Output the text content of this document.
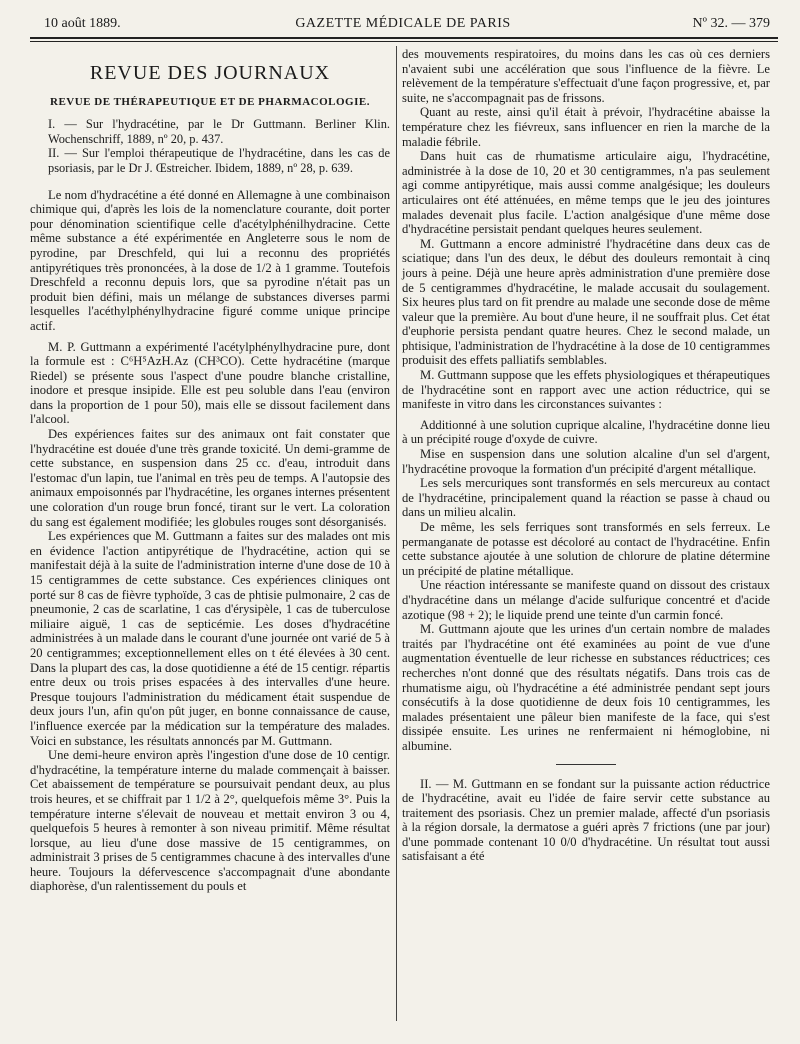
10 août 1889.	GAZETTE MÉDICALE DE PARIS	Nº 32. — 379
REVUE DES JOURNAUX
REVUE DE THÉRAPEUTIQUE ET DE PHARMACOLOGIE.

I. — Sur l'hydracétine, par le Dr Guttmann. Berliner Klin. Wochenschriff, 1889, nº 20, p. 437.

II. — Sur l'emploi thérapeutique de l'hydracétine, dans les cas de psoriasis, par le Dr J. Œstreicher. Ibidem, 1889, nº 28, p. 639.

Le nom d'hydracétine a été donné en Allemagne à une combinaison chimique qui, d'après les lois de la nomenclature courante, doit porter pour dénomination scientifique celle d'acétylphénilhydracine. Cette même substance a été expérimentée en Angleterre sous le nom de pyrodine, par Dreschfeld, qui lui a reconnu des propriétés antipyrétiques très prononcées, à la dose de 1/2 à 1 gramme. Toutefois Dreschfeld a reconnu depuis lors, que sa pyrodine n'était pas un produit bien défini, mais un mélange de substances diverses parmi lesquelles l'acéthylphénylhydracine figuré comme unique principe actif.

M. P. Guttmann a expérimenté l'acétylphénylhydracine pure, dont la formule est : C⁶H⁵AzH.Az (CH³CO). Cette hydracétine (marque Riedel) se présente sous l'aspect d'une poudre blanche cristalline, inodore et presque insipide. Elle est peu soluble dans l'eau (environ dans la proportion de 1 pour 50), mais elle se dissout facilement dans l'alcool.

Des expériences faites sur des animaux ont fait constater que l'hydracétine est douée d'une très grande toxicité. Un demi-gramme de cette substance, en suspension dans 25 cc. d'eau, introduit dans l'estomac d'un lapin, tue l'animal en très peu de temps. A l'autopsie des animaux empoisonnés par l'hydracétine, les organes internes présentent une coloration d'un rouge brun foncé, tirant sur le vert. La coloration du sang est également modifiée; les globules rouges sont désorganisés.

Les expériences que M. Guttmann a faites sur des malades ont mis en évidence l'action antipyrétique de l'hydracétine, action qui se manifestait déjà à la suite de l'administration interne d'une dose de 10 à 15 centigrammes de cette substance. Ces expériences cliniques ont porté sur 8 cas de fièvre typhoïde, 3 cas de phtisie pulmonaire, 2 cas de pneumonie, 2 cas de scarlatine, 1 cas d'érysipèle, 1 cas de tuberculose miliaire aiguë, 1 cas de septicémie. Les doses d'hydracétine administrées à un malade dans le courant d'une journée ont varié de 5 à 20 centigrammes; exceptionnellement elles on t été élevées à 30 cent. Dans la plupart des cas, la dose quotidienne a été de 15 centigr. répartis entre deux ou trois prises espacées à des intervalles d'une heure. Presque toujours l'administration du médicament était suspendue de deux jours l'un, afin qu'on pût juger, en bonne connaissance de cause, l'influence exercée par la médication sur la température des malades. Voici en substance, les résultats annoncés par M. Guttmann.

Une demi-heure environ après l'ingestion d'une dose de 10 centigr. d'hydracétine, la température interne du malade commençait à baisser. Cet abaissement de température se poursuivait pendant deux, au plus trois heures, et se chiffrait par 1 1/2 à 2°, quelquefois même 3°. Puis la température interne s'élevait de nouveau et mettait environ 3 ou 4, quelquefois 5 heures à remonter à son niveau primitif. Même résultat lorsque, au lieu d'une dose massive de 15 centigrammes, on administrait 3 prises de 5 centigrammes chacune à des intervalles d'une heure. Toujours la défervescence s'accompagnait d'une abondante diaphorèse, d'un ralentissement du pouls et

des mouvements respiratoires, du moins dans les cas où ces derniers n'avaient subi une accélération que sous l'influence de la fièvre. Le relèvement de la température s'effectuait d'une façon progressive, et, par suite, ne s'accompagnait pas de frissons.

Quant au reste, ainsi qu'il était à prévoir, l'hydracétine abaisse la température chez les fiévreux, sans influencer en rien la marche de la maladie fébrile.

Dans huit cas de rhumatisme articulaire aigu, l'hydracétine, administrée à la dose de 10, 20 et 30 centigrammes, n'a pas seulement agi comme antipyrétique, mais aussi comme analgésique; les douleurs articulaires ont été atténuées, en même temps que le jeu des jointures malades devenait plus facile. L'action analgésique d'une même dose d'hydracétine persistait pendant quelques heures seulement.

M. Guttmann a encore administré l'hydracétine dans deux cas de sciatique; dans l'un des deux, le début des douleurs remontait à cinq jours à peine. Déjà une heure après administration d'une première dose de 5 centigrammes d'hydracétine, le malade accusait du soulagement. Six heures plus tard on fit prendre au malade une seconde dose de même valeur que la première. Au bout d'une heure, il ne souffrait plus. Cet état d'euphorie persista pendant quatre heures. Chez le second malade, un phtisique, l'administration de l'hydracétine à la dose de 10 centigrammes produisit des effets palliatifs semblables.

M. Guttmann suppose que les effets physiologiques et thérapeutiques de l'hydracétine sont en rapport avec une action réductrice, qui se manifeste in vitro dans les circonstances suivantes :

Additionné à une solution cuprique alcaline, l'hydracétine donne lieu à un précipité rouge d'oxyde de cuivre.

Mise en suspension dans une solution alcaline d'un sel d'argent, l'hydracétine provoque la formation d'un précipité d'argent métallique.

Les sels mercuriques sont transformés en sels mercureux au contact de l'hydracétine, principalement quand la réaction se passe à chaud ou dans un milieu alcalin.

De même, les sels ferriques sont transformés en sels ferreux. Le permanganate de potasse est décoloré au contact de l'hydracétine. Enfin cette substance ajoutée à une solution de chlorure de platine détermine un précipité de platine métallique.

Une réaction intéressante se manifeste quand on dissout des cristaux d'hydracétine dans un mélange d'acide sulfurique concentré et d'acide azotique (98 + 2); le liquide prend une teinte d'un carmin foncé.

M. Guttmann ajoute que les urines d'un certain nombre de malades traités par l'hydracétine ont été examinées au point de vue d'une augmentation éventuelle de leur richesse en substances réductrices; ces recherches n'ont donné que des résultats négatifs. Dans trois cas de rhumatisme aigu, où l'hydracétine a été administrée pendant sept jours consécutifs à la dose quotidienne de deux fois 10 centigrammes, les malades présentaient une pâleur bien manifeste de la face, qui s'est dissipée ensuite. Les urines ne renfermaient ni hémoglobine, ni albumine.

II. — M. Guttmann en se fondant sur la puissante action réductrice de l'hydracétine, avait eu l'idée de faire servir cette substance au traitement des psoriasis. Chez un premier malade, affecté d'un psoriasis à la région dorsale, la dermatose a guéri après 7 frictions (une par jour) d'une pommade contenant 10 0/0 d'hydracétine. Un résultat tout aussi satisfaisant a été
